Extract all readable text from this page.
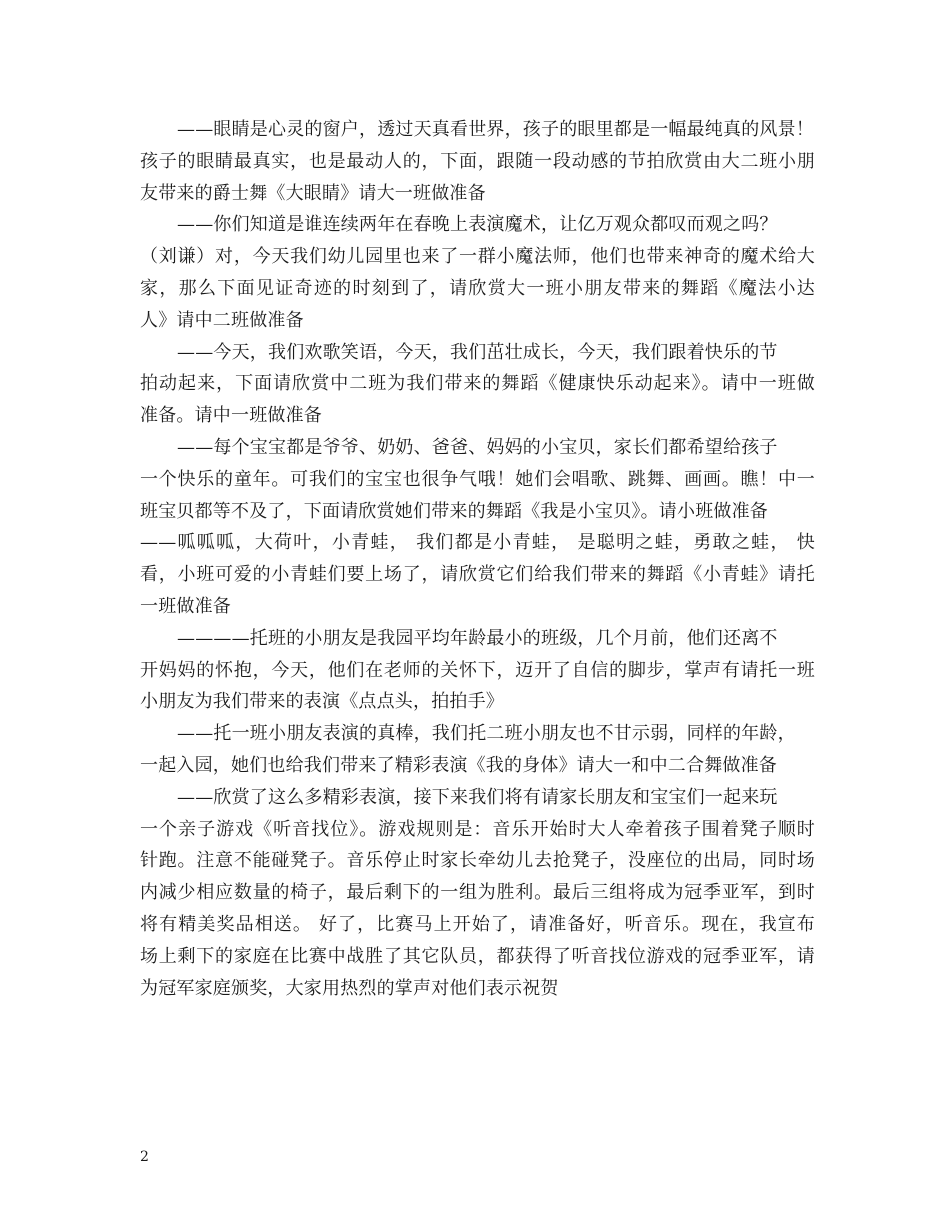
——眼睛是心灵的窗户，透过天真看世界，孩子的眼里都是一幅最纯真的风景！
孩子的眼睛最真实，也是最动人的，下面，跟随一段动感的节拍欣赏由大二班小朋
友带来的爵士舞《大眼睛》请大一班做准备
——你们知道是谁连续两年在春晚上表演魔术，让亿万观众都叹而观之吗？
（刘谦）对，今天我们幼儿园里也来了一群小魔法师，他们也带来神奇的魔术给大
家，那么下面见证奇迹的时刻到了，请欣赏大一班小朋友带来的舞蹈《魔法小达
人》请中二班做准备
——今天，我们欢歌笑语，今天，我们茁壮成长，今天，我们跟着快乐的节
拍动起来，下面请欣赏中二班为我们带来的舞蹈《健康快乐动起来》。请中一班做
准备。请中一班做准备
——每个宝宝都是爷爷、奶奶、爸爸、妈妈的小宝贝，家长们都希望给孩子
一个快乐的童年。可我们的宝宝也很争气哦！她们会唱歌、跳舞、画画。瞧！中一
班宝贝都等不及了，下面请欣赏她们带来的舞蹈《我是小宝贝》。请小班做准备
——呱呱呱，大荷叶，小青蛙， 我们都是小青蛙， 是聪明之蛙，勇敢之蛙， 快
看，小班可爱的小青蛙们要上场了，请欣赏它们给我们带来的舞蹈《小青蛙》请托
一班做准备
————托班的小朋友是我园平均年龄最小的班级，几个月前，他们还离不
开妈妈的怀抱，今天，他们在老师的关怀下，迈开了自信的脚步，掌声有请托一班
小朋友为我们带来的表演《点点头，拍拍手》
——托一班小朋友表演的真棒，我们托二班小朋友也不甘示弱，同样的年龄，
一起入园，她们也给我们带来了精彩表演《我的身体》请大一和中二合舞做准备
——欣赏了这么多精彩表演，接下来我们将有请家长朋友和宝宝们一起来玩
一个亲子游戏《听音找位》。游戏规则是：音乐开始时大人牵着孩子围着凳子顺时
针跑。注意不能碰凳子。音乐停止时家长牵幼儿去抢凳子，没座位的出局，同时场
内减少相应数量的椅子，最后剩下的一组为胜利。最后三组将成为冠季亚军，到时
将有精美奖品相送。 好了，比赛马上开始了，请准备好，听音乐。现在，我宣布
场上剩下的家庭在比赛中战胜了其它队员，都获得了听音找位游戏的冠季亚军，请
为冠军家庭颁奖，大家用热烈的掌声对他们表示祝贺
2
